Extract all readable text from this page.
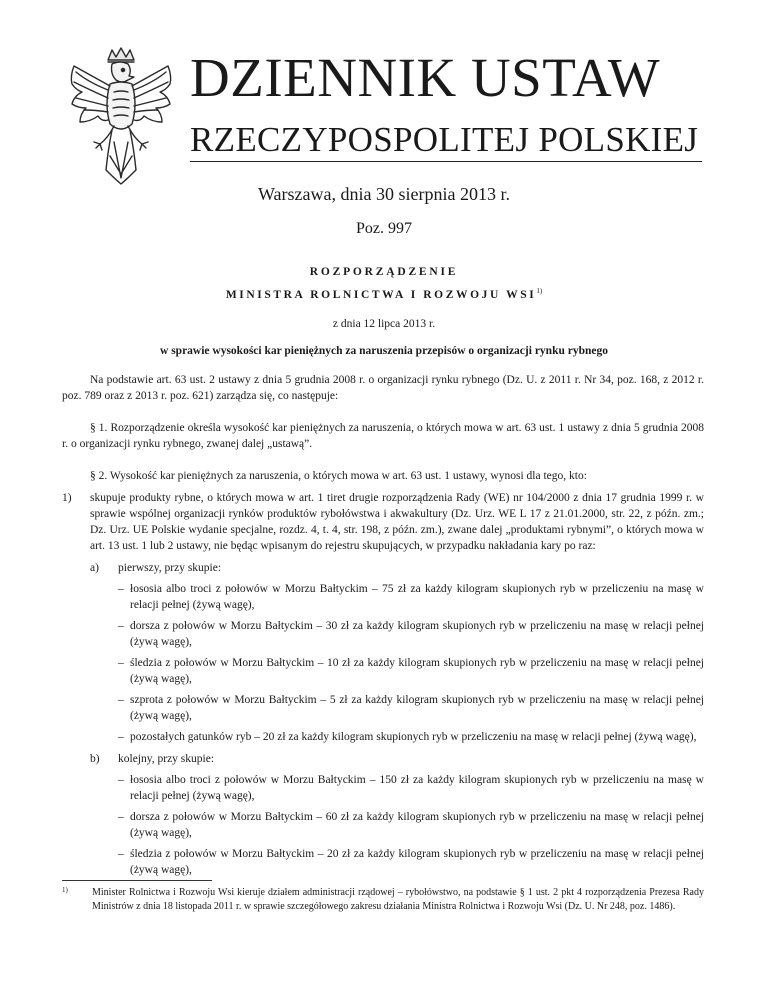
DZIENNIK USTAW
RZECZYPOSPOLITEJ POLSKIEJ
Warszawa, dnia 30 sierpnia 2013 r.
Poz. 997
ROZPORZĄDZENIE
MINISTRA ROLNICTWA I ROZWOJU WSI$^{1)}$
z dnia 12 lipca 2013 r.
w sprawie wysokości kar pieniężnych za naruszenia przepisów o organizacji rynku rybnego

Na podstawie art. 63 ust. 2 ustawy z dnia 5 grudnia 2008 r. o organizacji rynku rybnego (Dz. U. z 2011 r. Nr 34, poz. 168, z 2012 r. poz. 789 oraz z 2013 r. poz. 621) zarządza się, co następuje:

§ 1. Rozporządzenie określa wysokość kar pieniężnych za naruszenia, o których mowa w art. 63 ust. 1 ustawy z dnia 5 grudnia 2008 r. o organizacji rynku rybnego, zwanej dalej „ustawą”.

§ 2. Wysokość kar pieniężnych za naruszenia, o których mowa w art. 63 ust. 1 ustawy, wynosi dla tego, kto:

1) skupuje produkty rybne, o których mowa w art. 1 tiret drugie rozporządzenia Rady (WE) nr 104/2000 z dnia 17 grudnia 1999 r. w sprawie wspólnej organizacji rynków produktów rybołówstwa i akwakultury (Dz. Urz. WE L 17 z 21.01.2000, str. 22, z późn. zm.; Dz. Urz. UE Polskie wydanie specjalne, rozdz. 4, t. 4, str. 198, z późn. zm.), zwane dalej „produktami rybnymi”, o których mowa w art. 13 ust. 1 lub 2 ustawy, nie będąc wpisanym do rejestru skupujących, w przypadku nakładania kary po raz:
a) pierwszy, przy skupie:
– łososia albo troci z połowów w Morzu Bałtyckim – 75 zł za każdy kilogram skupionych ryb w przeliczeniu na masę w relacji pełnej (żywą wagę),
– dorsza z połowów w Morzu Bałtyckim – 30 zł za każdy kilogram skupionych ryb w przeliczeniu na masę w relacji pełnej (żywą wagę),
– śledzia z połowów w Morzu Bałtyckim – 10 zł za każdy kilogram skupionych ryb w przeliczeniu na masę w relacji pełnej (żywą wagę),
– szprota z połowów w Morzu Bałtyckim – 5 zł za każdy kilogram skupionych ryb w przeliczeniu na masę w relacji pełnej (żywą wagę),
– pozostałych gatunków ryb – 20 zł za każdy kilogram skupionych ryb w przeliczeniu na masę w relacji pełnej (żywą wagę),
b) kolejny, przy skupie:
– łososia albo troci z połowów w Morzu Bałtyckim – 150 zł za każdy kilogram skupionych ryb w przeliczeniu na masę w relacji pełnej (żywą wagę),
– dorsza z połowów w Morzu Bałtyckim – 60 zł za każdy kilogram skupionych ryb w przeliczeniu na masę w relacji pełnej (żywą wagę),
– śledzia z połowów w Morzu Bałtyckim – 20 zł za każdy kilogram skupionych ryb w przeliczeniu na masę w relacji pełnej (żywą wagę),
1)	Minister Rolnictwa i Rozwoju Wsi kieruje działem administracji rządowej – rybołówstwo, na podstawie § 1 ust. 2 pkt 4 rozporządzenia Prezesa Rady Ministrów z dnia 18 listopada 2011 r. w sprawie szczegółowego zakresu działania Ministra Rolnictwa i Rozwoju Wsi (Dz. U. Nr 248, poz. 1486).
